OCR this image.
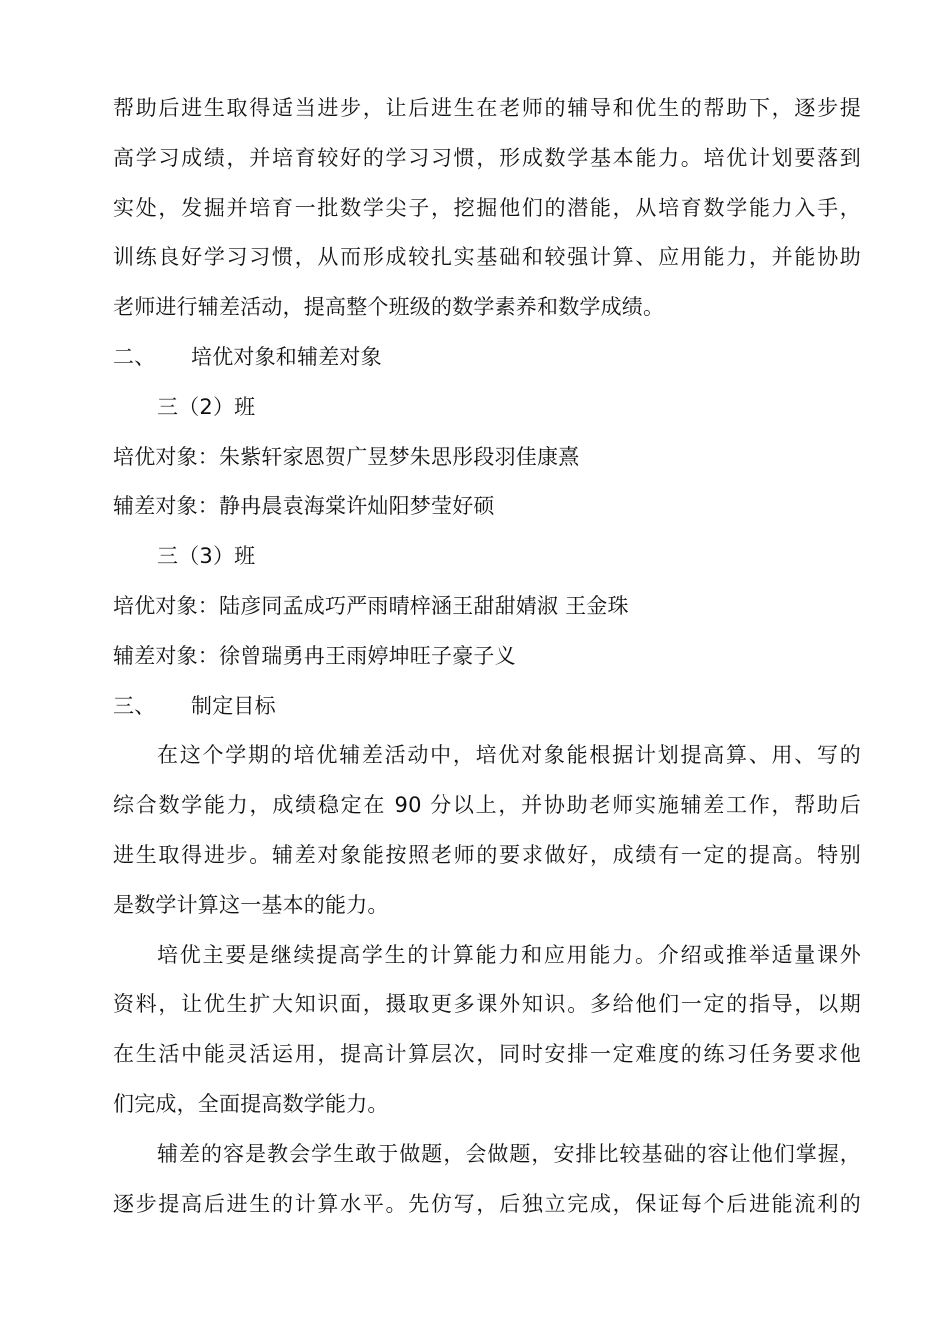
帮助后进生取得适当进步，让后进生在老师的辅导和优生的帮助下，逐步提
高学习成绩，并培育较好的学习习惯，形成数学基本能力。培优计划要落到
实处，发掘并培育一批数学尖子，挖掘他们的潜能，从培育数学能力入手，
训练良好学习习惯，从而形成较扎实基础和较强计算、应用能力，并能协助
老师进行辅差活动，提高整个班级的数学素养和数学成绩。
二、 培优对象和辅差对象
三（2）班
培优对象：朱紫轩家恩贺广昱梦朱思彤段羽佳康熹
辅差对象：静冉晨袁海棠许灿阳梦莹好硕
三（3）班
培优对象：陆彦同孟成巧严雨晴梓涵王甜甜婧淑 王金珠
辅差对象：徐曾瑞勇冉王雨婷坤旺子豪子义
三、 制定目标
在这个学期的培优辅差活动中，培优对象能根据计划提高算、用、写的
综合数学能力，成绩稳定在 90 分以上，并协助老师实施辅差工作，帮助后
进生取得进步。辅差对象能按照老师的要求做好，成绩有一定的提高。特别
是数学计算这一基本的能力。
培优主要是继续提高学生的计算能力和应用能力。介绍或推举适量课外
资料，让优生扩大知识面，摄取更多课外知识。多给他们一定的指导，以期
在生活中能灵活运用，提高计算层次，同时安排一定难度的练习任务要求他
们完成，全面提高数学能力。
辅差的容是教会学生敢于做题，会做题，安排比较基础的容让他们掌握，
逐步提高后进生的计算水平。先仿写，后独立完成，保证每个后进能流利的
